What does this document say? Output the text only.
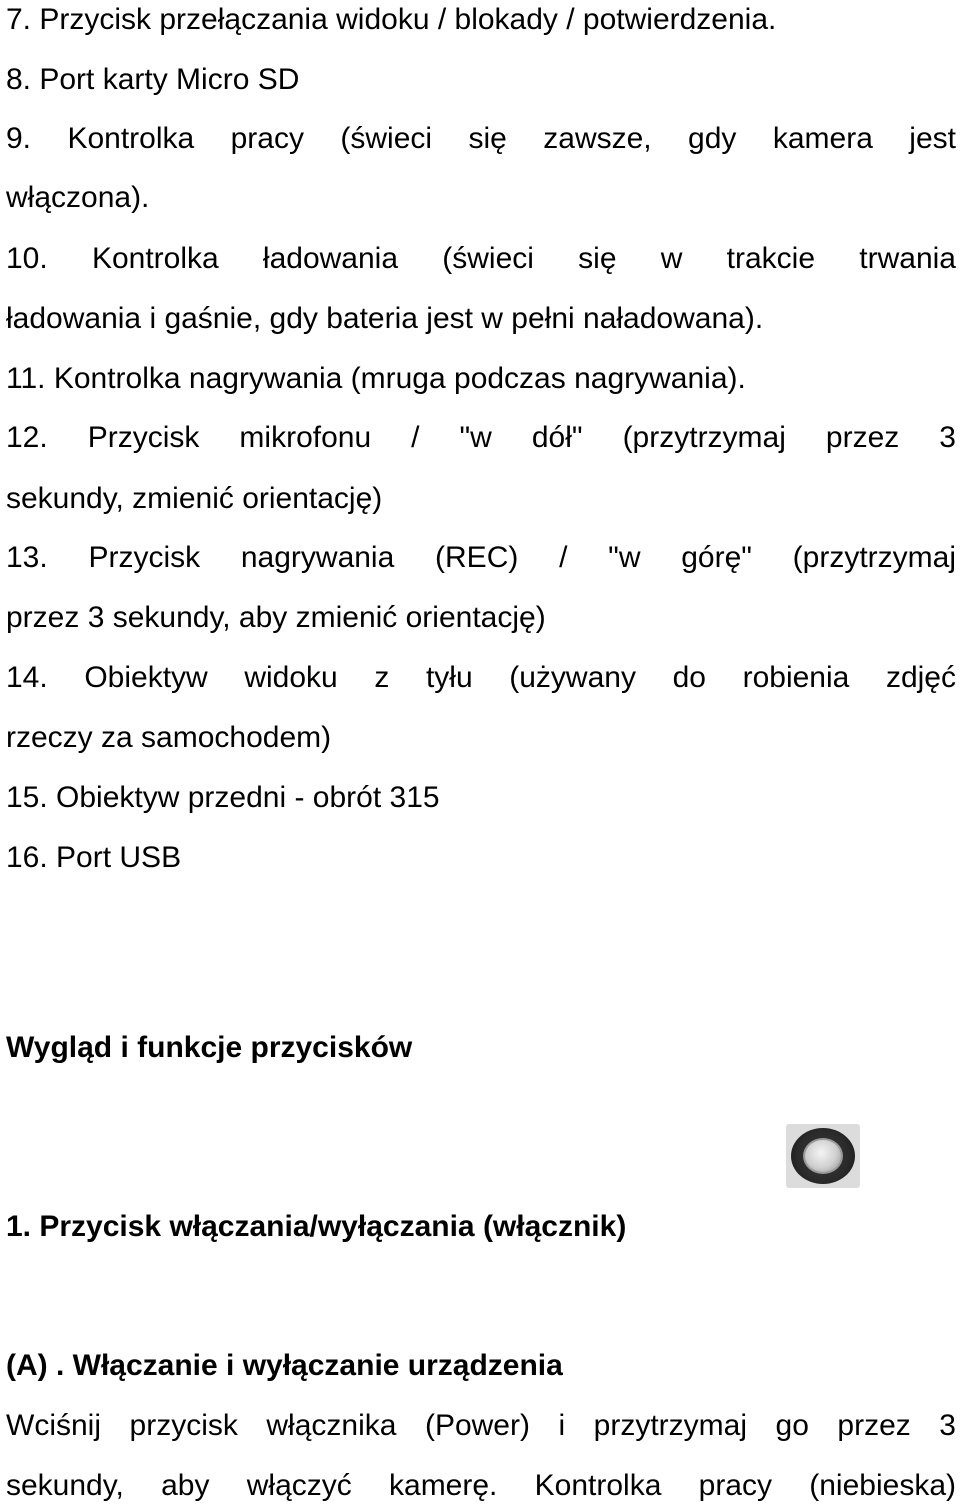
7. Przycisk przełączania widoku / blokady / potwierdzenia.
8. Port karty Micro SD
9. Kontrolka pracy (świeci się zawsze, gdy kamera jest
włączona).
10. Kontrolka ładowania (świeci się w trakcie trwania
ładowania i gaśnie, gdy bateria jest w pełni naładowana).
11. Kontrolka nagrywania (mruga podczas nagrywania).
12. Przycisk mikrofonu / "w dół" (przytrzymaj przez 3
sekundy, zmienić orientację)
13. Przycisk nagrywania (REC) / "w górę" (przytrzymaj
przez 3 sekundy, aby zmienić orientację)
14. Obiektyw widoku z tyłu (używany do robienia zdjęć
rzeczy za samochodem)
15. Obiektyw przedni - obrót 315
16. Port USB
Wygląd i funkcje przycisków
1. Przycisk włączania/wyłączania (włącznik)
(A) . Włączanie i wyłączanie urządzenia
Wciśnij przycisk włącznika (Power) i przytrzymaj go przez 3
sekundy, aby włączyć kamerę. Kontrolka pracy (niebieska)
